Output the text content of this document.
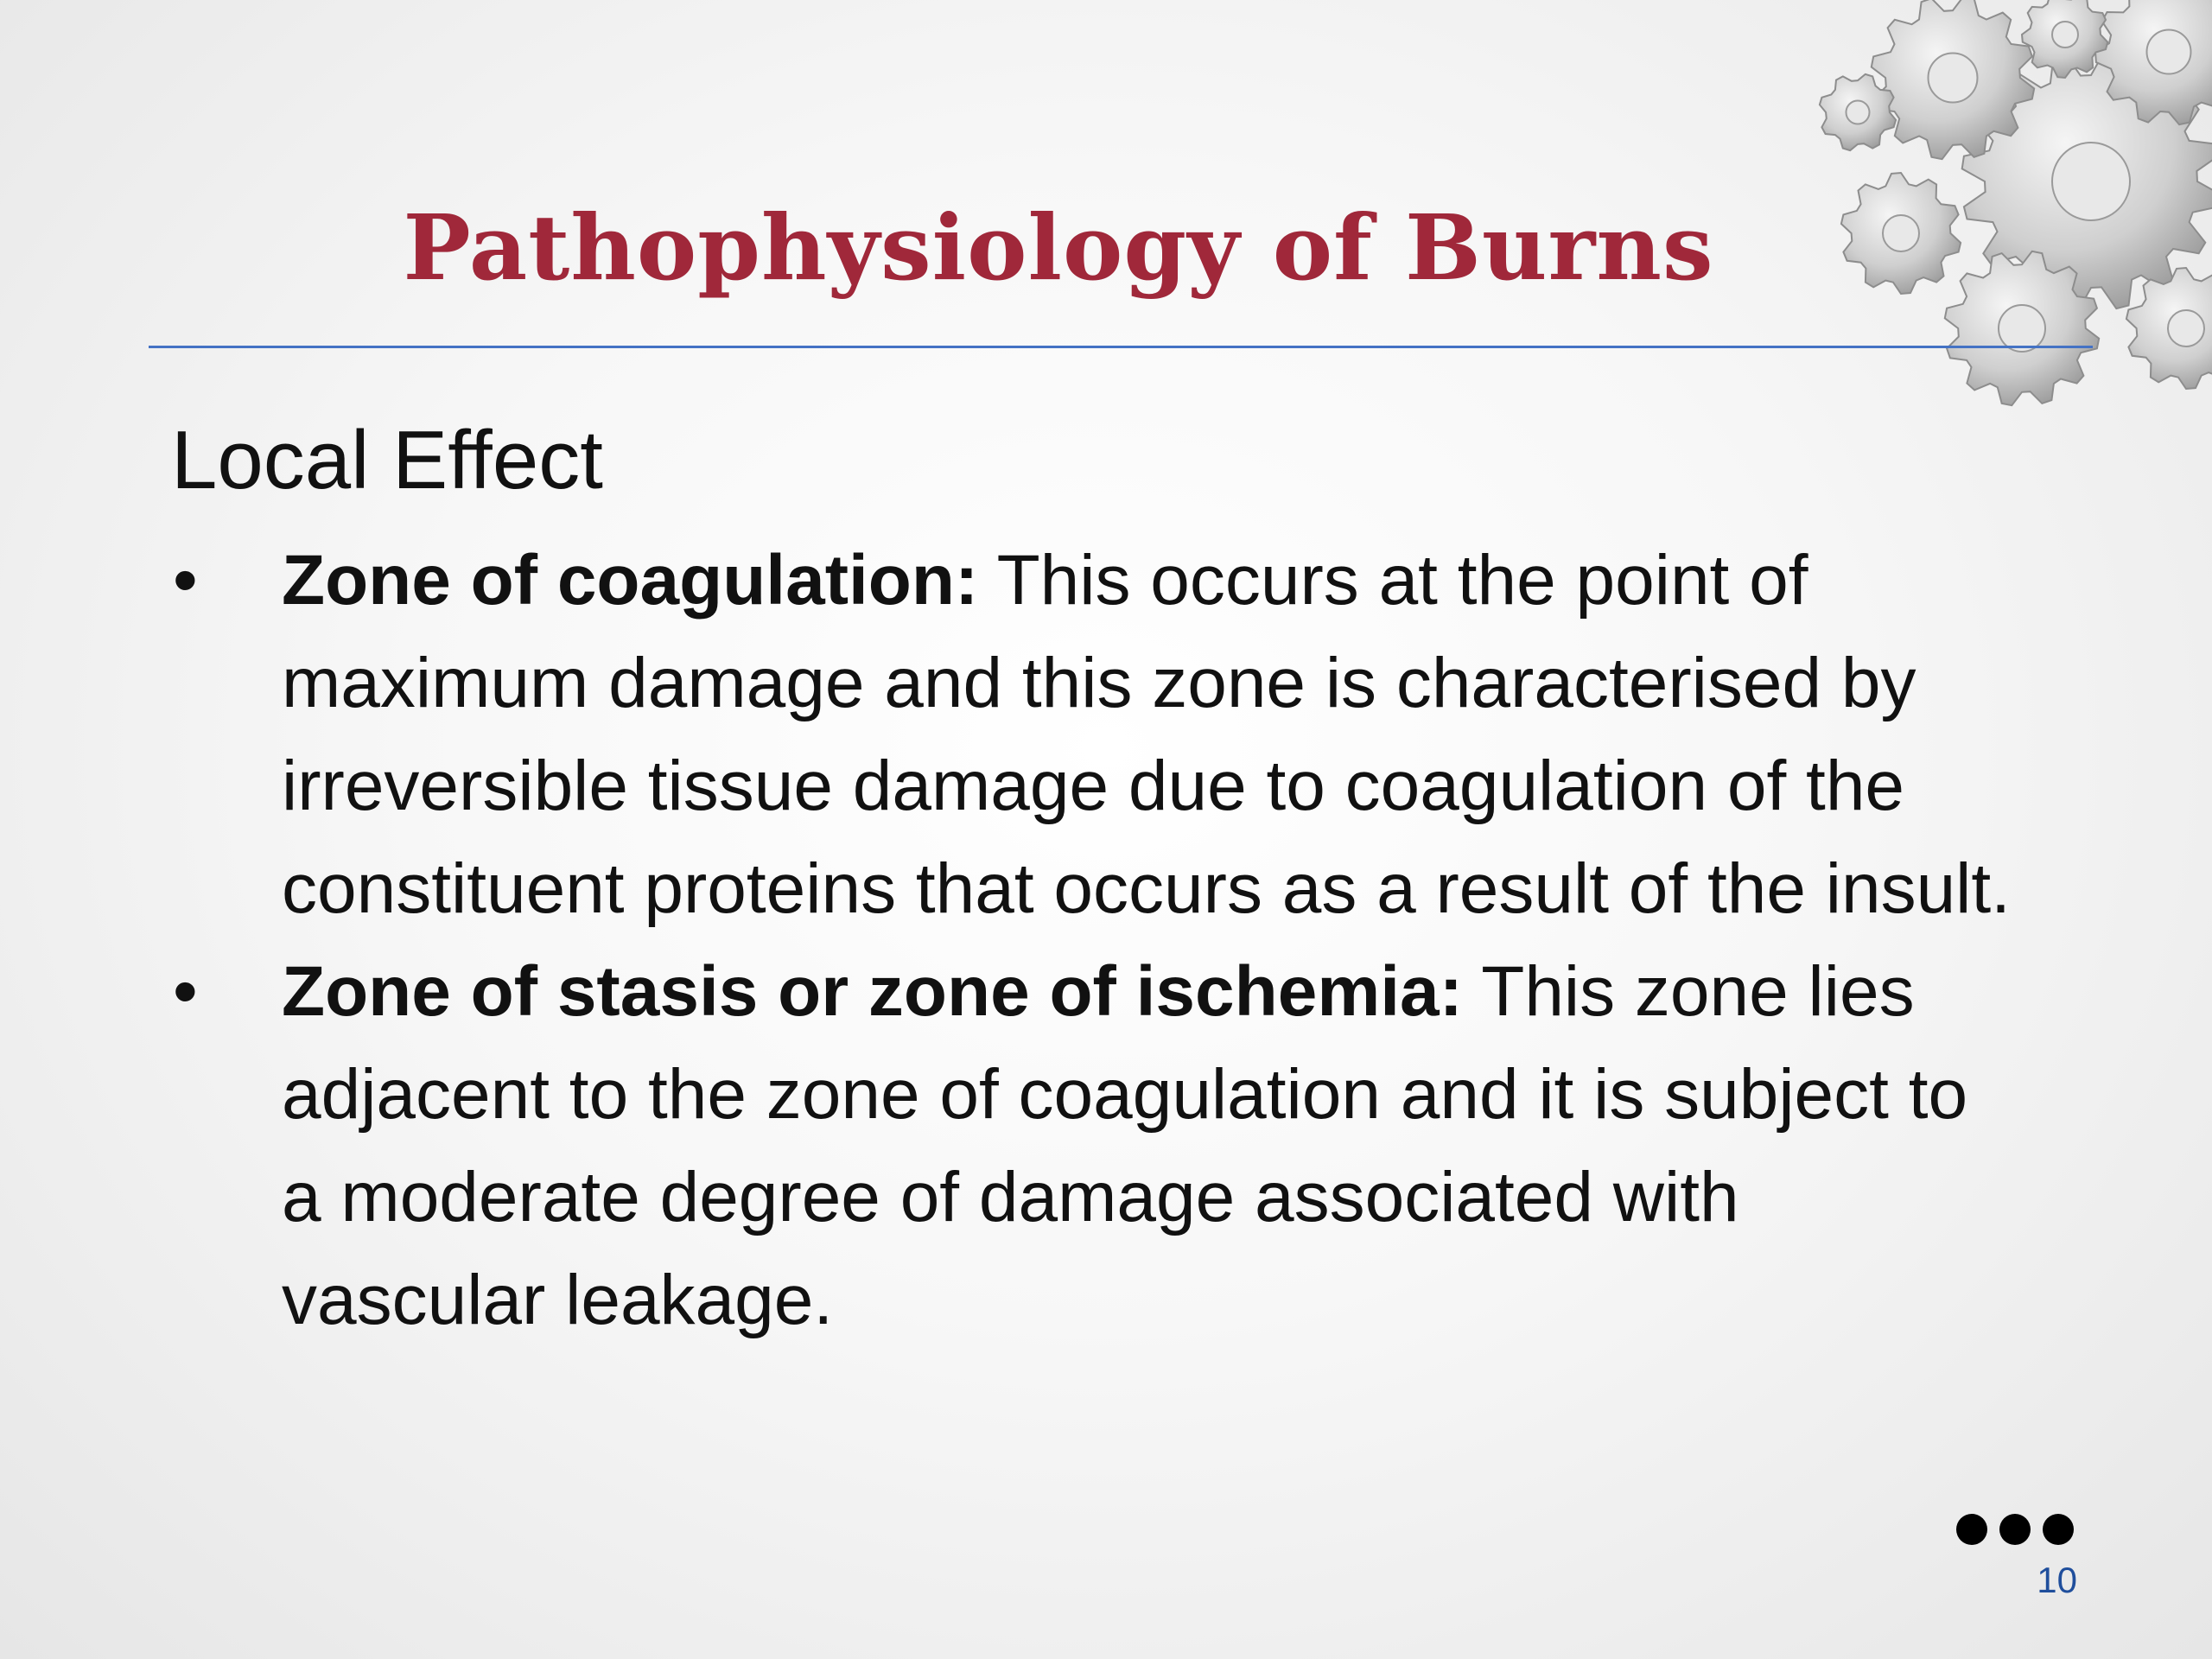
Pathophysiology of Burns
Local Effect
• Zone of coagulation: This occurs at the point of maximum damage and this zone is characterised by irreversible tissue damage due to coagulation of the constituent proteins that occurs as a result of the insult.
• Zone of stasis or zone of ischemia: This zone lies adjacent to the zone of coagulation and it is subject to a moderate degree of damage associated with vascular leakage.
10
